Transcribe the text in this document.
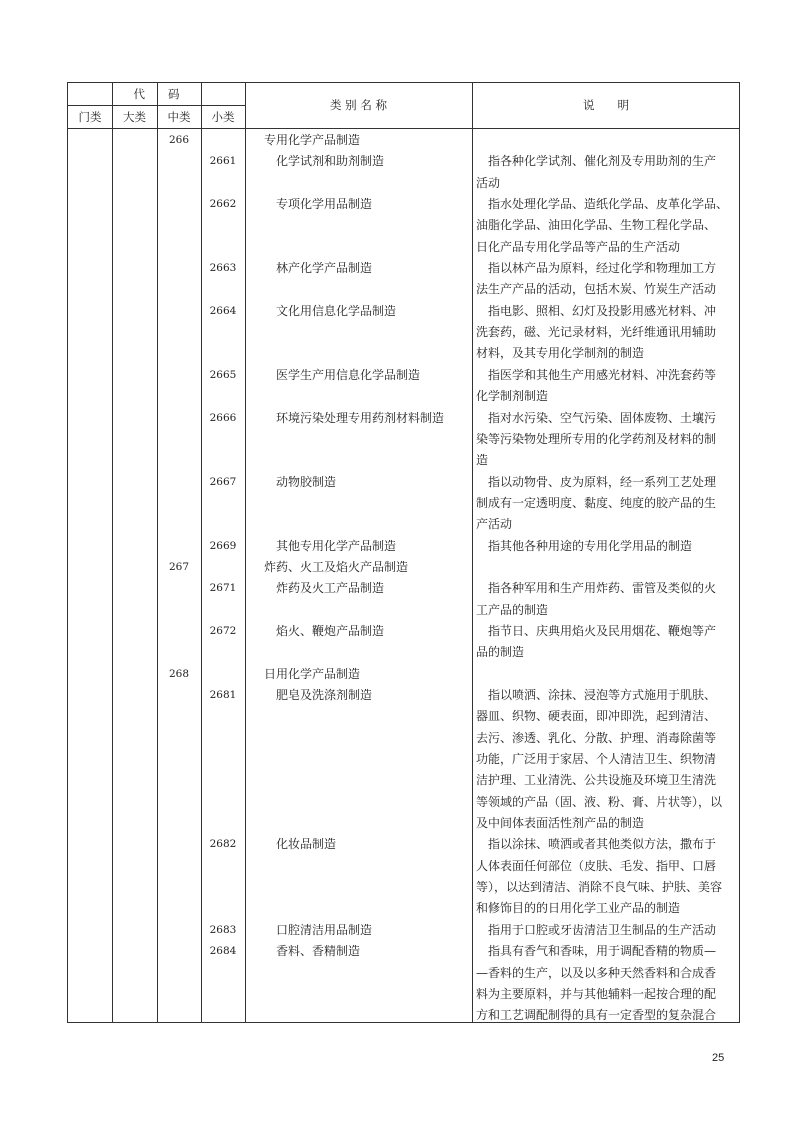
代　　码
门类	大类	中类	小类
类 别 名 称	说　　明
266	专用化学产品制造
2661	化学试剂和助剂制造	指各种化学试剂、催化剂及专用助剂的生产
活动
2662	专项化学用品制造	指水处理化学品、造纸化学品、皮革化学品、
油脂化学品、油田化学品、生物工程化学品、
日化产品专用化学品等产品的生产活动
2663	林产化学产品制造	指以林产品为原料，经过化学和物理加工方
法生产产品的活动，包括木炭、竹炭生产活动
2664	文化用信息化学品制造	指电影、照相、幻灯及投影用感光材料、冲
洗套药，磁、光记录材料，光纤维通讯用辅助
材料，及其专用化学制剂的制造
2665	医学生产用信息化学品制造	指医学和其他生产用感光材料、冲洗套药等
化学制剂制造
2666	环境污染处理专用药剂材料制造	指对水污染、空气污染、固体废物、土壤污
染等污染物处理所专用的化学药剂及材料的制
造
2667	动物胶制造	指以动物骨、皮为原料，经一系列工艺处理
制成有一定透明度、黏度、纯度的胶产品的生
产活动
2669	其他专用化学产品制造	指其他各种用途的专用化学用品的制造
267	炸药、火工及焰火产品制造
2671	炸药及火工产品制造	指各种军用和生产用炸药、雷管及类似的火
工产品的制造
2672	焰火、鞭炮产品制造	指节日、庆典用焰火及民用烟花、鞭炮等产
品的制造
268	日用化学产品制造
2681	肥皂及洗涤剂制造	指以喷洒、涂抹、浸泡等方式施用于肌肤、
器皿、织物、硬表面，即冲即洗，起到清洁、
去污、渗透、乳化、分散、护理、消毒除菌等
功能，广泛用于家居、个人清洁卫生、织物清
洁护理、工业清洗、公共设施及环境卫生清洗
等领域的产品（固、液、粉、膏、片状等），以
及中间体表面活性剂产品的制造
2682	化妆品制造	指以涂抹、喷洒或者其他类似方法，撒布于
人体表面任何部位（皮肤、毛发、指甲、口唇
等），以达到清洁、消除不良气味、护肤、美容
和修饰目的的日用化学工业产品的制造
2683	口腔清洁用品制造	指用于口腔或牙齿清洁卫生制品的生产活动
2684	香料、香精制造	指具有香气和香味，用于调配香精的物质—
—香料的生产，以及以多种天然香料和合成香
料为主要原料，并与其他辅料一起按合理的配
方和工艺调配制得的具有一定香型的复杂混合
25
